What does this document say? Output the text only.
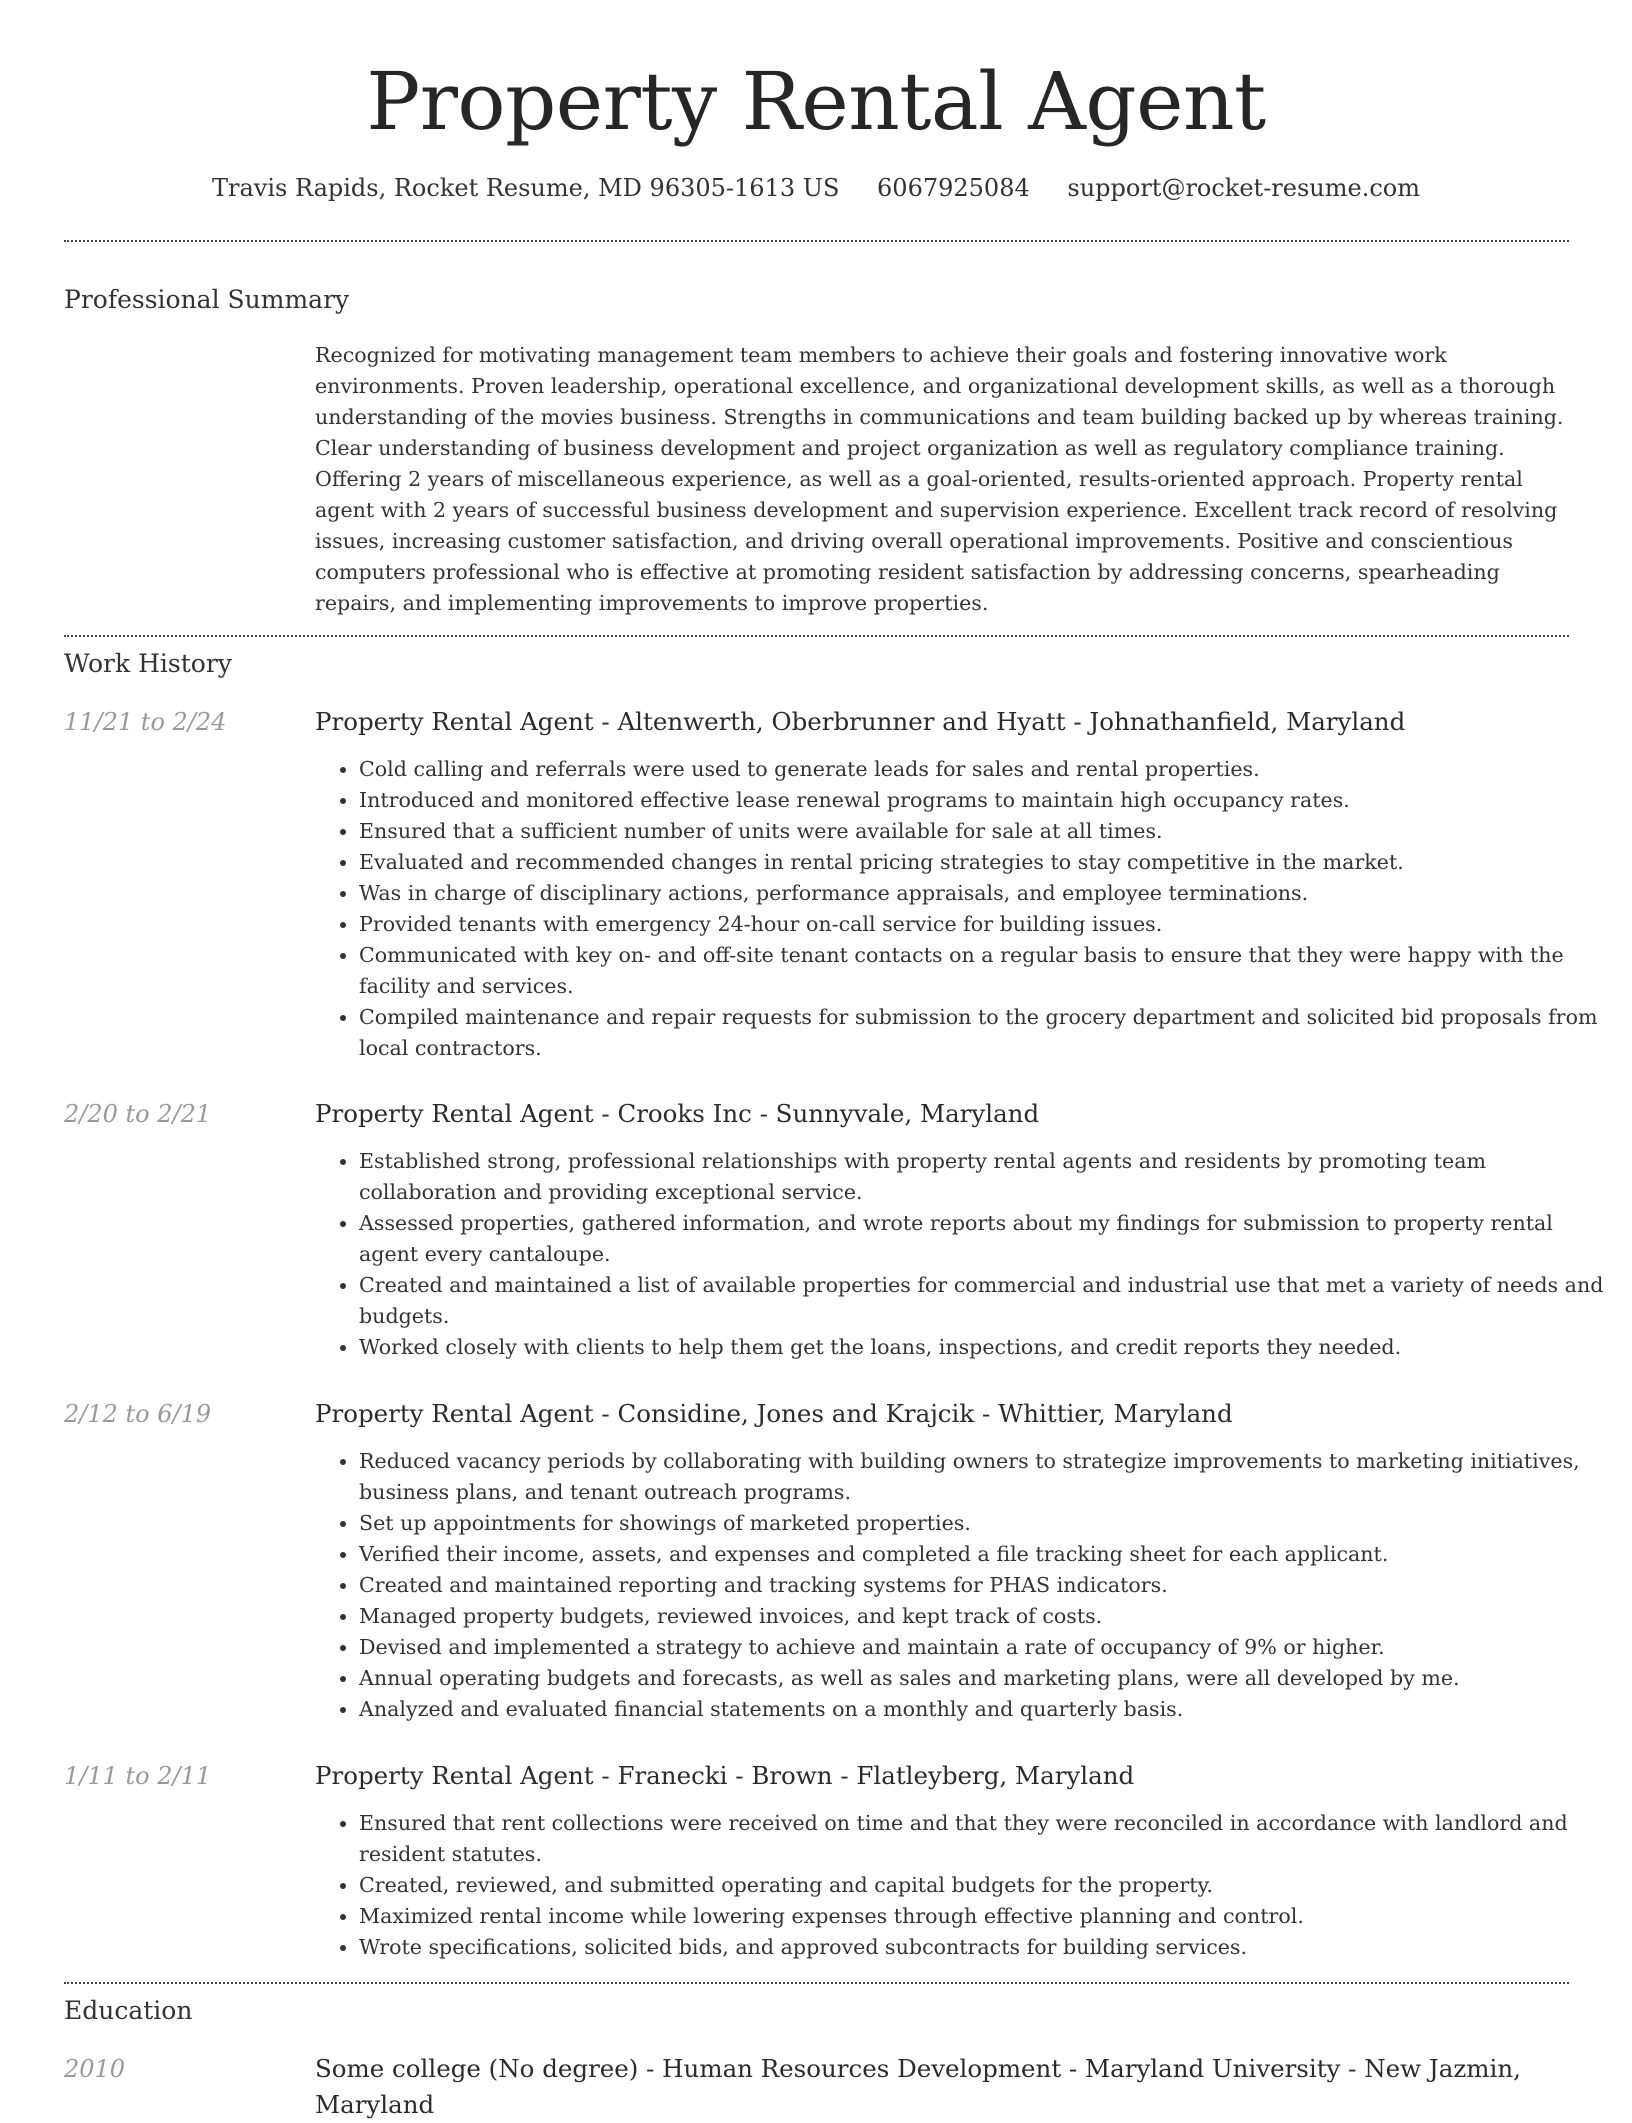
Property Rental Agent
Travis Rapids, Rocket Resume, MD 96305-1613 US 6067925084 support@rocket-resume.com
Professional Summary

Recognized for motivating management team members to achieve their goals and fostering innovative work environments. Proven leadership, operational excellence, and organizational development skills, as well as a thorough understanding of the movies business. Strengths in communications and team building backed up by whereas training. Clear understanding of business development and project organization as well as regulatory compliance training. Offering 2 years of miscellaneous experience, as well as a goal-oriented, results-oriented approach. Property rental agent with 2 years of successful business development and supervision experience. Excellent track record of resolving issues, increasing customer satisfaction, and driving overall operational improvements. Positive and conscientious computers professional who is effective at promoting resident satisfaction by addressing concerns, spearheading repairs, and implementing improvements to improve properties.

Work History
11/21 to 2/24	Property Rental Agent - Altenwerth, Oberbrunner and Hyatt - Johnathanfield, Maryland
• Cold calling and referrals were used to generate leads for sales and rental properties.
• Introduced and monitored effective lease renewal programs to maintain high occupancy rates.
• Ensured that a sufficient number of units were available for sale at all times.
• Evaluated and recommended changes in rental pricing strategies to stay competitive in the market.
• Was in charge of disciplinary actions, performance appraisals, and employee terminations.
• Provided tenants with emergency 24-hour on-call service for building issues.
• Communicated with key on- and off-site tenant contacts on a regular basis to ensure that they were happy with the facility and services.
• Compiled maintenance and repair requests for submission to the grocery department and solicited bid proposals from local contractors.
2/20 to 2/21	Property Rental Agent - Crooks Inc - Sunnyvale, Maryland
• Established strong, professional relationships with property rental agents and residents by promoting team collaboration and providing exceptional service.
• Assessed properties, gathered information, and wrote reports about my findings for submission to property rental agent every cantaloupe.
• Created and maintained a list of available properties for commercial and industrial use that met a variety of needs and budgets.
• Worked closely with clients to help them get the loans, inspections, and credit reports they needed.
2/12 to 6/19	Property Rental Agent - Considine, Jones and Krajcik - Whittier, Maryland
• Reduced vacancy periods by collaborating with building owners to strategize improvements to marketing initiatives, business plans, and tenant outreach programs.
• Set up appointments for showings of marketed properties.
• Verified their income, assets, and expenses and completed a file tracking sheet for each applicant.
• Created and maintained reporting and tracking systems for PHAS indicators.
• Managed property budgets, reviewed invoices, and kept track of costs.
• Devised and implemented a strategy to achieve and maintain a rate of occupancy of 9% or higher.
• Annual operating budgets and forecasts, as well as sales and marketing plans, were all developed by me.
• Analyzed and evaluated financial statements on a monthly and quarterly basis.
1/11 to 2/11	Property Rental Agent - Franecki - Brown - Flatleyberg, Maryland
• Ensured that rent collections were received on time and that they were reconciled in accordance with landlord and resident statutes.
• Created, reviewed, and submitted operating and capital budgets for the property.
• Maximized rental income while lowering expenses through effective planning and control.
• Wrote specifications, solicited bids, and approved subcontracts for building services.
Education
2010	Some college (No degree) - Human Resources Development - Maryland University - New Jazmin, Maryland
